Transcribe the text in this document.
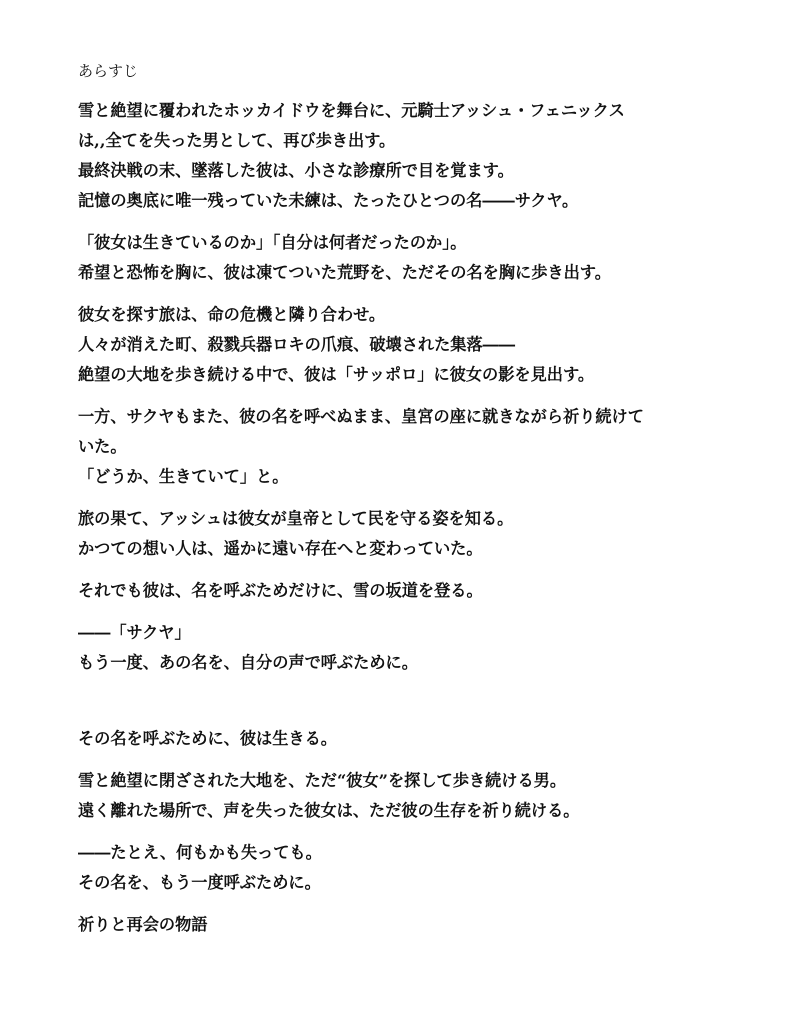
あらすじ
雪と絶望に覆われたホッカイドウを舞台に、元騎士アッシュ・フェニックス
は,,全てを失った男として、再び歩き出す。
最終決戦の末、墜落した彼は、小さな診療所で目を覚ます。
記憶の奥底に唯一残っていた未練は、たったひとつの名――サクヤ。
「彼女は生きているのか」「自分は何者だったのか」。
希望と恐怖を胸に、彼は凍てついた荒野を、ただその名を胸に歩き出す。
彼女を探す旅は、命の危機と隣り合わせ。
人々が消えた町、殺戮兵器ロキの爪痕、破壊された集落――
絶望の大地を歩き続ける中で、彼は「サッポロ」に彼女の影を見出す。
一方、サクヤもまた、彼の名を呼べぬまま、皇宮の座に就きながら祈り続けて
いた。
「どうか、生きていて」と。
旅の果て、アッシュは彼女が皇帝として民を守る姿を知る。
かつての想い人は、遥かに遠い存在へと変わっていた。
それでも彼は、名を呼ぶためだけに、雪の坂道を登る。
――「サクヤ」
もう一度、あの名を、自分の声で呼ぶために。
その名を呼ぶために、彼は生きる。
雪と絶望に閉ざされた大地を、ただ“彼女”を探して歩き続ける男。
遠く離れた場所で、声を失った彼女は、ただ彼の生存を祈り続ける。
――たとえ、何もかも失っても。
その名を、もう一度呼ぶために。
祈りと再会の物語
